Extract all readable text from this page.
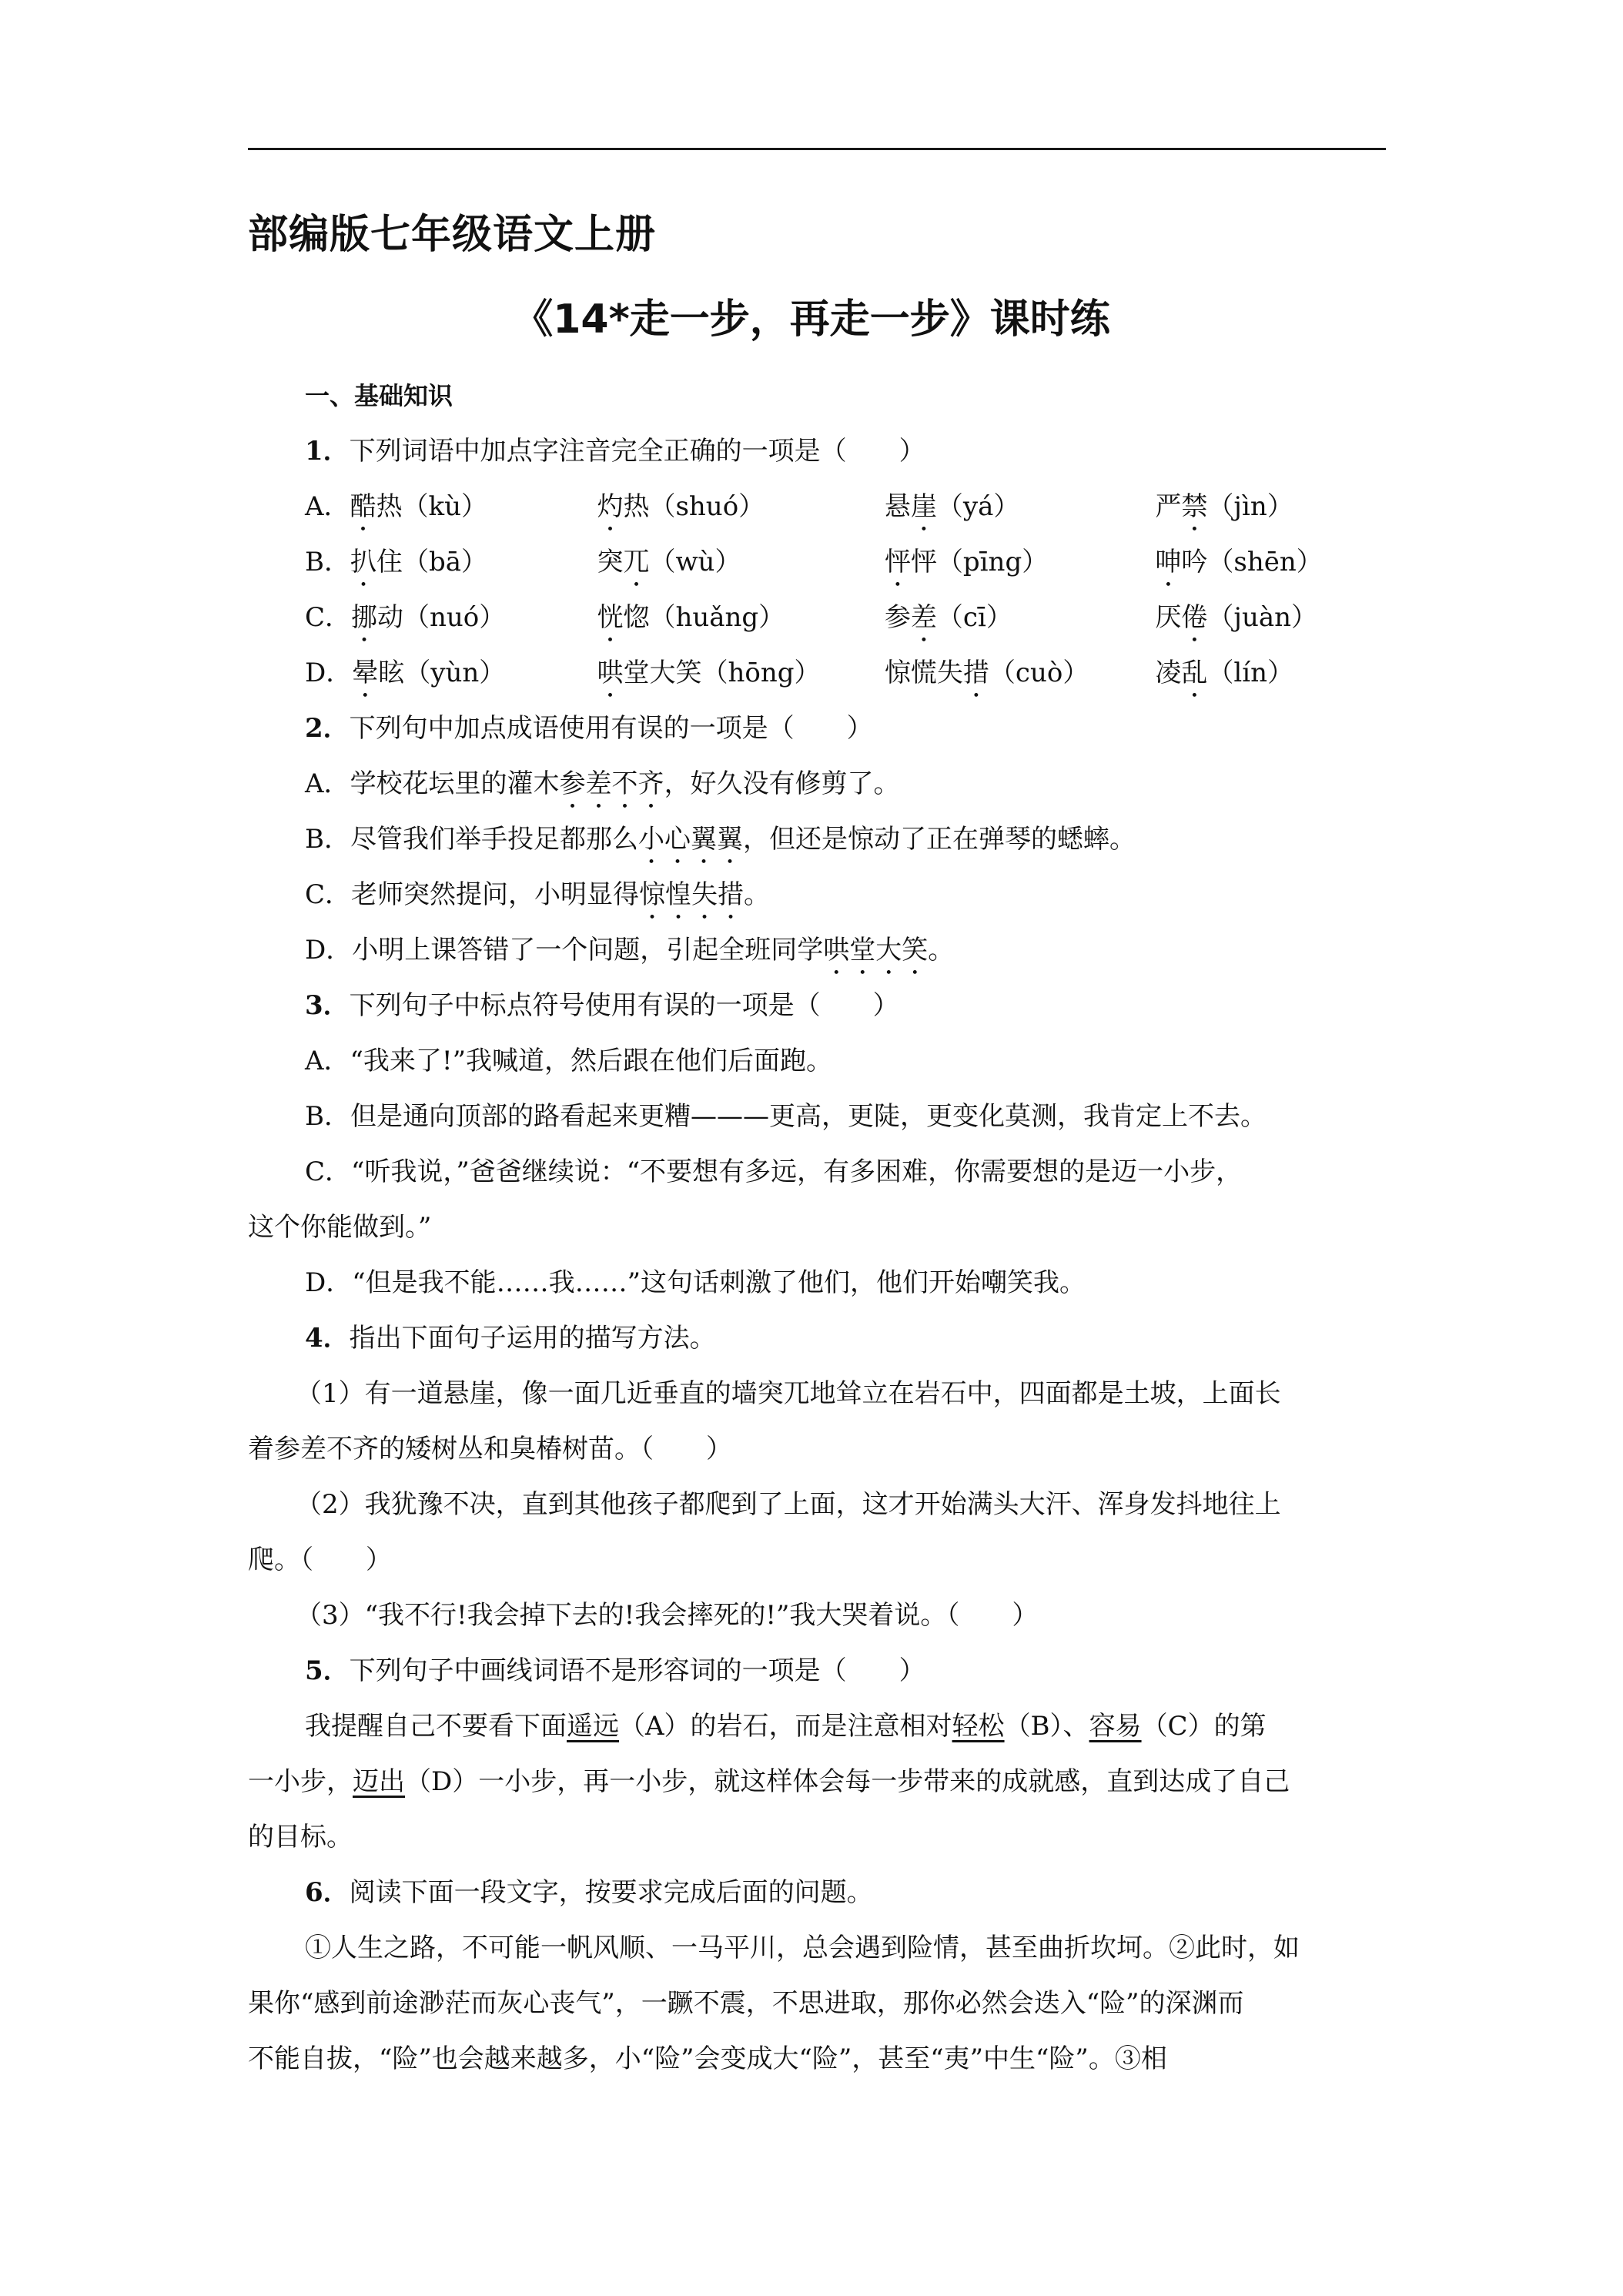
部编版七年级语文上册
《14*走一步，再走一步》课时练
一、基础知识
1．下列词语中加点字注音完全正确的一项是（　　）
A．酷热（kù）	灼热（shuó）	悬崖（yá）	严禁（jìn）
B．扒住（bā）	突兀（wù）	怦怦（pīng）	呻吟（shēn）
C．挪动（nuó）	恍惚（huǎng）	参差（cī）	厌倦（juàn）
D．晕眩（yùn）	哄堂大笑（hōng）	惊慌失措（cuò）	凌乱（lín）
2．下列句中加点成语使用有误的一项是（　　）
A．学校花坛里的灌木参差不齐，好久没有修剪了。
B．尽管我们举手投足都那么小心翼翼，但还是惊动了正在弹琴的蟋蟀。
C．老师突然提问，小明显得惊惶失措。
D．小明上课答错了一个问题，引起全班同学哄堂大笑。
3．下列句子中标点符号使用有误的一项是（　　）
A．“我来了!”我喊道，然后跟在他们后面跑。
B．但是通向顶部的路看起来更糟———更高，更陡，更变化莫测，我肯定上不去。
C．“听我说，”爸爸继续说：“不要想有多远，有多困难，你需要想的是迈一小步，
这个你能做到。”
D．“但是我不能……我……”这句话刺激了他们，他们开始嘲笑我。
4．指出下面句子运用的描写方法。
（1）有一道悬崖，像一面几近垂直的墙突兀地耸立在岩石中，四面都是土坡，上面长
着参差不齐的矮树丛和臭椿树苗。（　　）
（2）我犹豫不决，直到其他孩子都爬到了上面，这才开始满头大汗、浑身发抖地往上
爬。（　　）
（3）“我不行!我会掉下去的!我会摔死的!”我大哭着说。（　　）
5．下列句子中画线词语不是形容词的一项是（　　）
我提醒自己不要看下面遥远（A）的岩石，而是注意相对轻松（B）、容易（C）的第
一小步，迈出（D）一小步，再一小步，就这样体会每一步带来的成就感，直到达成了自己
的目标。
6．阅读下面一段文字，按要求完成后面的问题。
①人生之路，不可能一帆风顺、一马平川，总会遇到险情，甚至曲折坎坷。②此时，如
果你“感到前途渺茫而灰心丧气”，一蹶不震，不思进取，那你必然会迭入“险”的深渊而
不能自拔，“险”也会越来越多，小“险”会变成大“险”，甚至“夷”中生“险”。③相
